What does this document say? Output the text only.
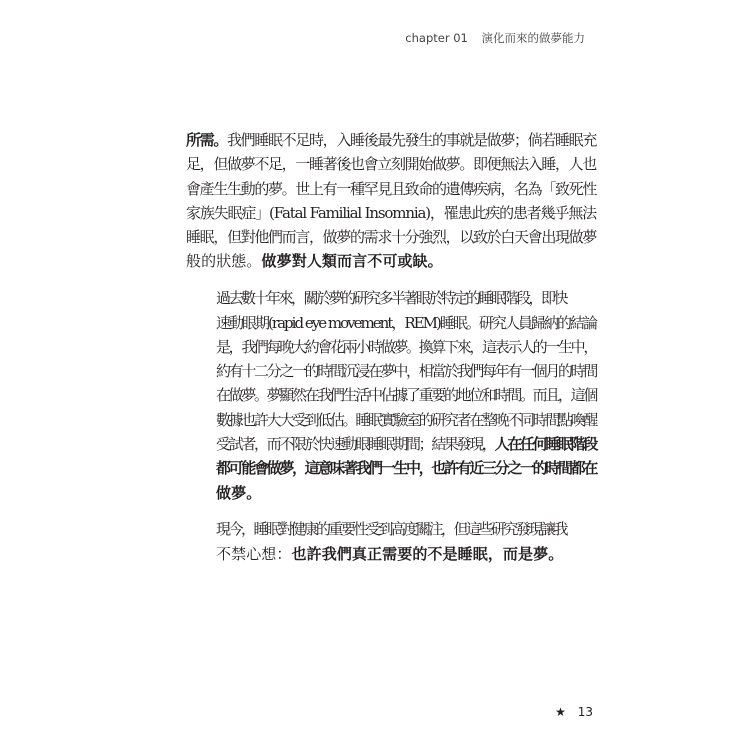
chapter 01 演化而來的做夢能力

所需。我們睡眠不足時，入睡後最先發生的事就是做夢；倘若睡眠充
足，但做夢不足，一睡著後也會立刻開始做夢。即便無法入睡，人也
會產生生動的夢。世上有一種罕見且致命的遺傳疾病，名為「致死性
家族失眠症」(Fatal Familial Insomnia)，罹患此疾的患者幾乎無法
睡眠，但對他們而言，做夢的需求十分強烈，以致於白天會出現做夢
般的狀態。做夢對人類而言不可或缺。

過去數十年來，關於夢的研究多半著眼於特定的睡眠階段，即快
速動眼期(rapid eye movement，REM)睡眠。研究人員歸納的結論
是，我們每晚大約會花兩小時做夢。換算下來，這表示人的一生中，
約有十二分之一的時間沉浸在夢中，相當於我們每年有一個月的時間
在做夢。夢顯然在我們生活中佔據了重要的地位和時間。而且，這個
數據也許大大受到低估。睡眠實驗室的研究者在整晚不同時間點喚醒
受試者，而不限於快速動眼睡眠期間；結果發現，人在任何睡眠階段
都可能會做夢，這意味著我們一生中，也許有近三分之一的時間都在
做夢。

現今，睡眠對健康的重要性受到高度關注，但這些研究發現讓我
不禁心想：也許我們真正需要的不是睡眠，而是夢。

★ 13
